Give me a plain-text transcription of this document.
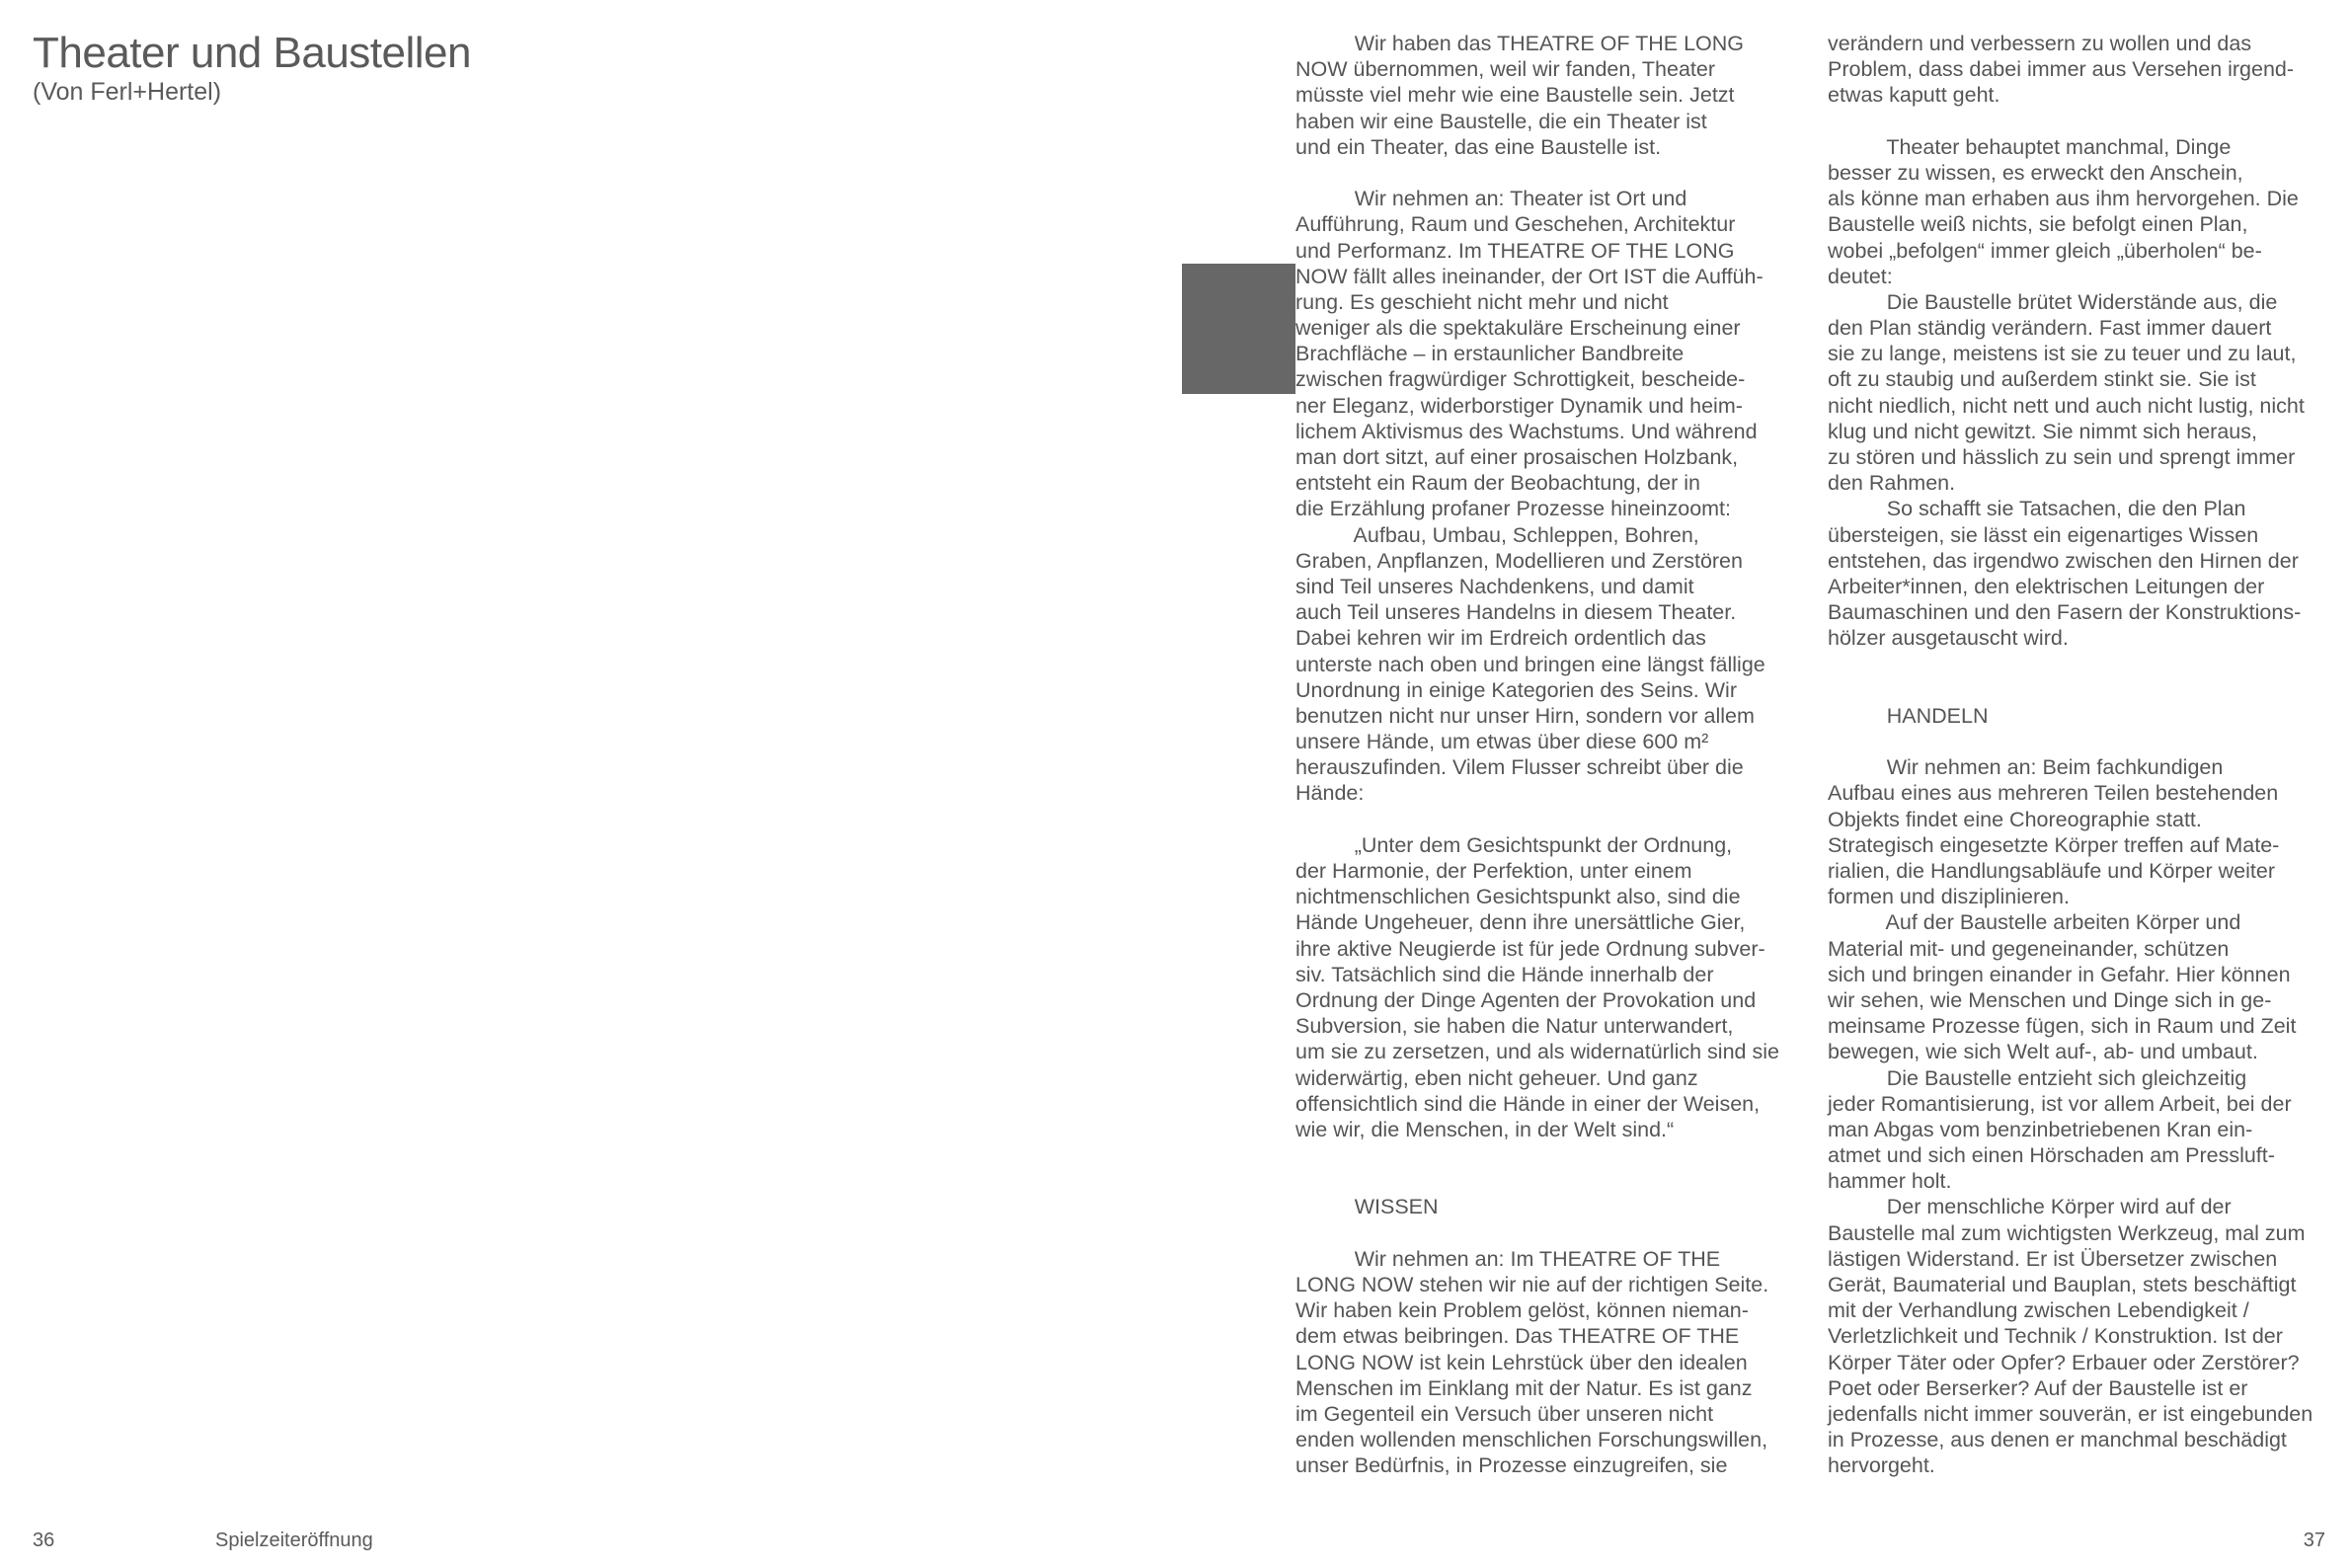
Theater und Baustellen
(Von Ferl+Hertel)
Wir haben das THEATRE OF THE LONG
NOW übernommen, weil wir fanden, Theater
müsste viel mehr wie eine Baustelle sein. Jetzt
haben wir eine Baustelle, die ein Theater ist
und ein Theater, das eine Baustelle ist.
Wir nehmen an: Theater ist Ort und
Aufführung, Raum und Geschehen, Architektur
und Performanz. Im THEATRE OF THE LONG
NOW fällt alles ineinander, der Ort IST die Auffüh-
rung. Es geschieht nicht mehr und nicht
weniger als die spektakuläre Erscheinung einer
Brachfläche – in erstaunlicher Bandbreite
zwischen fragwürdiger Schrottigkeit, bescheide-
ner Eleganz, widerborstiger Dynamik und heim-
lichem Aktivismus des Wachstums. Und während
man dort sitzt, auf einer prosaischen Holzbank,
entsteht ein Raum der Beobachtung, der in
die Erzählung profaner Prozesse hineinzoomt:
Aufbau, Umbau, Schleppen, Bohren,
Graben, Anpflanzen, Modellieren und Zerstören
sind Teil unseres Nachdenkens, und damit
auch Teil unseres Handelns in diesem Theater.
Dabei kehren wir im Erdreich ordentlich das
unterste nach oben und bringen eine längst fällige
Unordnung in einige Kategorien des Seins. Wir
benutzen nicht nur unser Hirn, sondern vor allem
unsere Hände, um etwas über diese 600 m²
herauszufinden. Vilem Flusser schreibt über die
Hände:
„Unter dem Gesichtspunkt der Ordnung,
der Harmonie, der Perfektion, unter einem
nichtmenschlichen Gesichtspunkt also, sind die
Hände Ungeheuer, denn ihre unersättliche Gier,
ihre aktive Neugierde ist für jede Ordnung subver-
siv. Tatsächlich sind die Hände innerhalb der
Ordnung der Dinge Agenten der Provokation und
Subversion, sie haben die Natur unterwandert,
um sie zu zersetzen, und als widernatürlich sind sie
widerwärtig, eben nicht geheuer. Und ganz
offensichtlich sind die Hände in einer der Weisen,
wie wir, die Menschen, in der Welt sind.“
WISSEN
Wir nehmen an: Im THEATRE OF THE
LONG NOW stehen wir nie auf der richtigen Seite.
Wir haben kein Problem gelöst, können nieman-
dem etwas beibringen. Das THEATRE OF THE
LONG NOW ist kein Lehrstück über den idealen
Menschen im Einklang mit der Natur. Es ist ganz
im Gegenteil ein Versuch über unseren nicht
enden wollenden menschlichen Forschungswillen,
unser Bedürfnis, in Prozesse einzugreifen, sie
verändern und verbessern zu wollen und das
Problem, dass dabei immer aus Versehen irgend-
etwas kaputt geht.
Theater behauptet manchmal, Dinge
besser zu wissen, es erweckt den Anschein,
als könne man erhaben aus ihm hervorgehen. Die
Baustelle weiß nichts, sie befolgt einen Plan,
wobei „befolgen“ immer gleich „überholen“ be-
deutet:
Die Baustelle brütet Widerstände aus, die
den Plan ständig verändern. Fast immer dauert
sie zu lange, meistens ist sie zu teuer und zu laut,
oft zu staubig und außerdem stinkt sie. Sie ist
nicht niedlich, nicht nett und auch nicht lustig, nicht
klug und nicht gewitzt. Sie nimmt sich heraus,
zu stören und hässlich zu sein und sprengt immer
den Rahmen.
So schafft sie Tatsachen, die den Plan
übersteigen, sie lässt ein eigenartiges Wissen
entstehen, das irgendwo zwischen den Hirnen der
Arbeiter*innen, den elektrischen Leitungen der
Baumaschinen und den Fasern der Konstruktions-
hölzer ausgetauscht wird.
HANDELN
Wir nehmen an: Beim fachkundigen
Aufbau eines aus mehreren Teilen bestehenden
Objekts findet eine Choreographie statt.
Strategisch eingesetzte Körper treffen auf Mate-
rialien, die Handlungsabläufe und Körper weiter
formen und disziplinieren.
Auf der Baustelle arbeiten Körper und
Material mit- und gegeneinander, schützen
sich und bringen einander in Gefahr. Hier können
wir sehen, wie Menschen und Dinge sich in ge-
meinsame Prozesse fügen, sich in Raum und Zeit
bewegen, wie sich Welt auf-, ab- und umbaut.
Die Baustelle entzieht sich gleichzeitig
jeder Romantisierung, ist vor allem Arbeit, bei der
man Abgas vom benzinbetriebenen Kran ein-
atmet und sich einen Hörschaden am Pressluft-
hammer holt.
Der menschliche Körper wird auf der
Baustelle mal zum wichtigsten Werkzeug, mal zum
lästigen Widerstand. Er ist Übersetzer zwischen
Gerät, Baumaterial und Bauplan, stets beschäftigt
mit der Verhandlung zwischen Lebendigkeit /
Verletzlichkeit und Technik / Konstruktion. Ist der
Körper Täter oder Opfer? Erbauer oder Zerstörer?
Poet oder Berserker? Auf der Baustelle ist er
jedenfalls nicht immer souverän, er ist eingebunden
in Prozesse, aus denen er manchmal beschädigt
hervorgeht.
36	Spielzeiteröffnung	37
